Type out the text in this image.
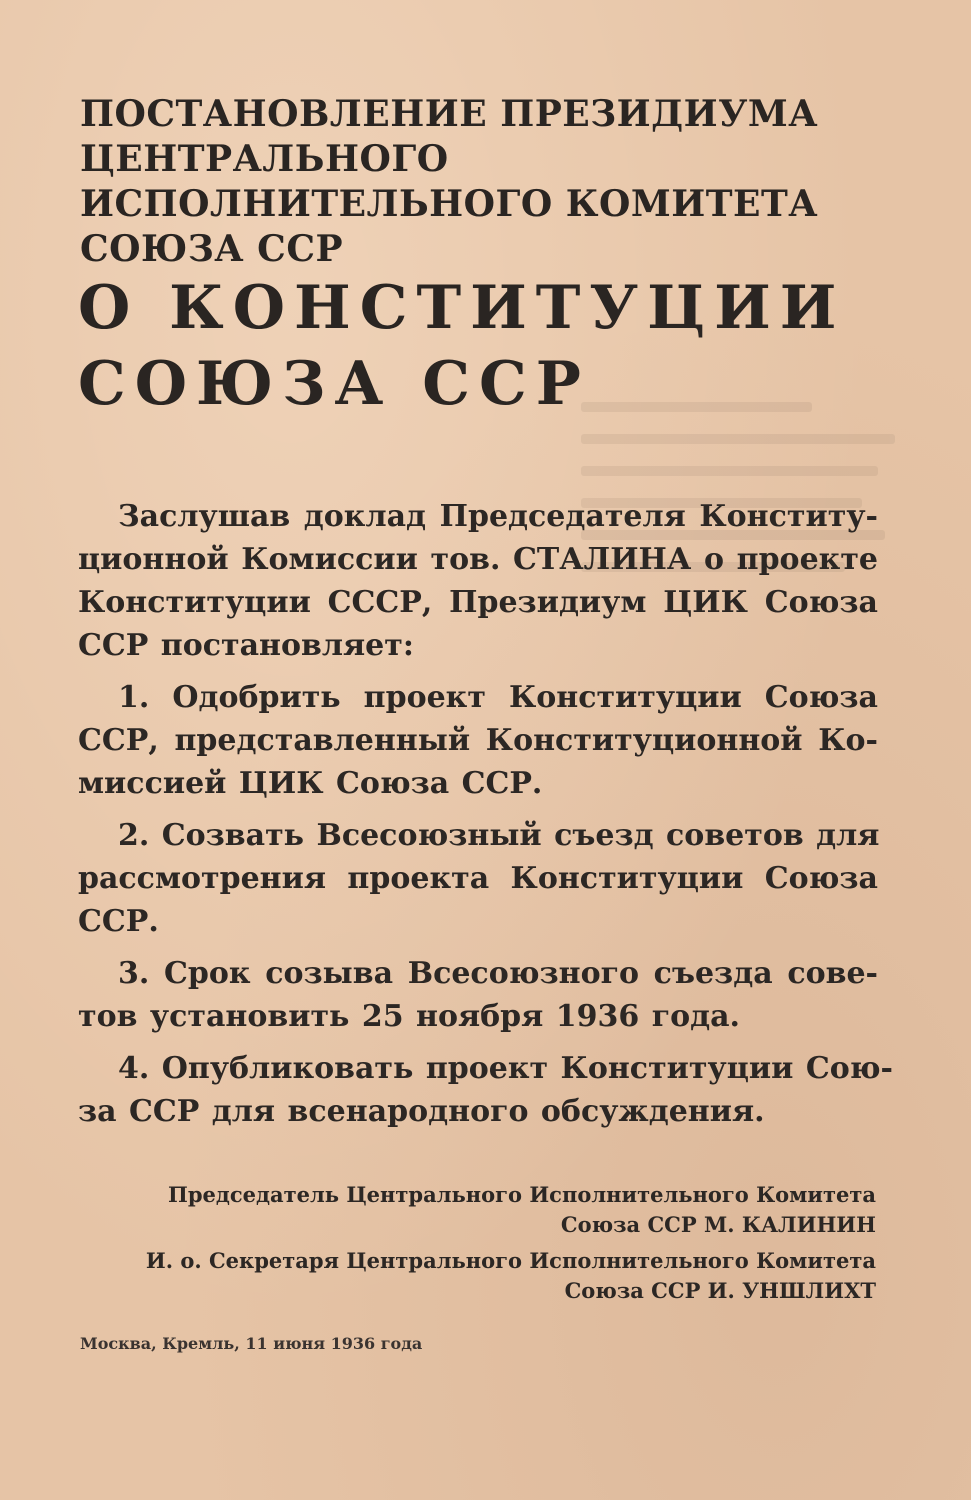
ПОСТАНОВЛЕНИЕ ПРЕЗИДИУМА
ЦЕНТРАЛЬНОГО
ИСПОЛНИТЕЛЬНОГО КОМИТЕТА
СОЮЗА ССР
О КОНСТИТУЦИИ
СОЮЗА ССР
Заслушав доклад Председателя Конститу-
ционной Комиссии тов. СТАЛИНА о проекте
Конституции СССР, Президиум ЦИК Союза
ССР постановляет:
1. Одобрить проект Конституции Союза
ССР, представленный Конституционной Ко-
миссией ЦИК Союза ССР.
2. Созвать Всесоюзный съезд советов для
рассмотрения проекта Конституции Союза
ССР.
3. Срок созыва Всесоюзного съезда сове-
тов установить 25 ноября 1936 года.
4. Опубликовать проект Конституции Сою-
за ССР для всенародного обсуждения.
Председатель Центрального Исполнительного Комитета
Союза ССР М. КАЛИНИН
И. о. Секретаря Центрального Исполнительного Комитета
Союза ССР И. УНШЛИХТ
Москва, Кремль, 11 июня 1936 года
